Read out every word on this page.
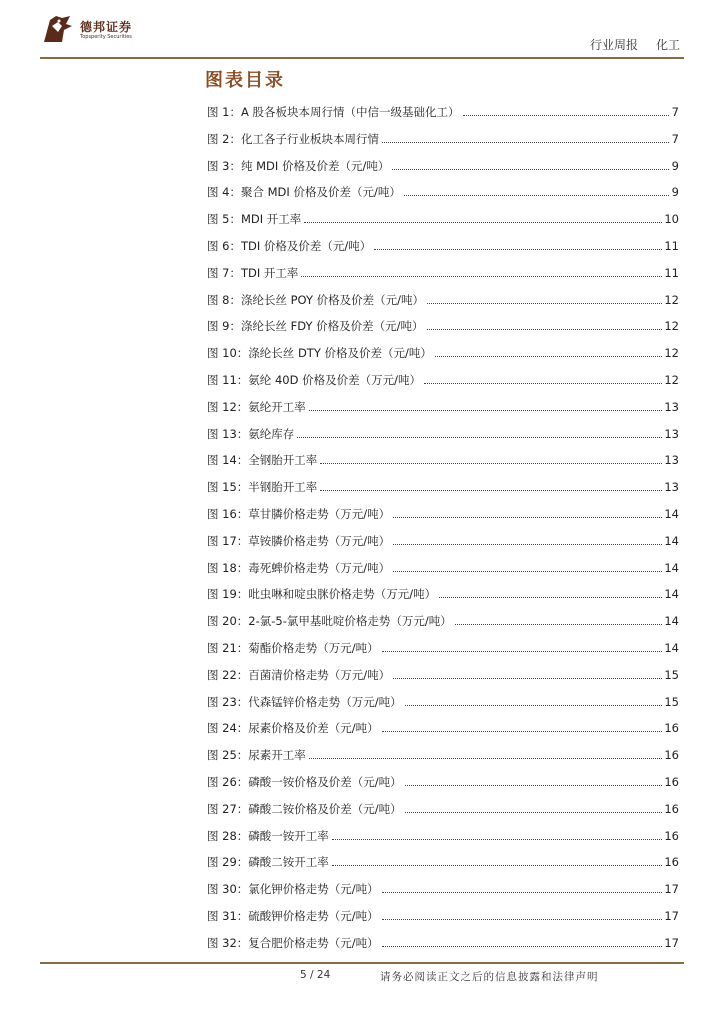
德邦证券
Topsperity Securities
行业周报 化工
图表目录
图 1：A 股各板块本周行情（中信一级基础化工）	7
图 2：化工各子行业板块本周行情	7
图 3：纯 MDI 价格及价差（元/吨）	9
图 4：聚合 MDI 价格及价差（元/吨）	9
图 5：MDI 开工率	10
图 6：TDI 价格及价差（元/吨）	11
图 7：TDI 开工率	11
图 8：涤纶长丝 POY 价格及价差（元/吨）	12
图 9：涤纶长丝 FDY 价格及价差（元/吨）	12
图 10：涤纶长丝 DTY 价格及价差（元/吨）	12
图 11：氨纶 40D 价格及价差（万元/吨）	12
图 12：氨纶开工率	13
图 13：氨纶库存	13
图 14：全钢胎开工率	13
图 15：半钢胎开工率	13
图 16：草甘膦价格走势（万元/吨）	14
图 17：草铵膦价格走势（万元/吨）	14
图 18：毒死蜱价格走势（万元/吨）	14
图 19：吡虫啉和啶虫脒价格走势（万元/吨）	14
图 20：2-氯-5-氯甲基吡啶价格走势（万元/吨）	14
图 21：菊酯价格走势（万元/吨）	14
图 22：百菌清价格走势（万元/吨）	15
图 23：代森锰锌价格走势（万元/吨）	15
图 24：尿素价格及价差（元/吨）	16
图 25：尿素开工率	16
图 26：磷酸一铵价格及价差（元/吨）	16
图 27：磷酸二铵价格及价差（元/吨）	16
图 28：磷酸一铵开工率	16
图 29：磷酸二铵开工率	16
图 30：氯化钾价格走势（元/吨）	17
图 31：硫酸钾价格走势（元/吨）	17
图 32：复合肥价格走势（元/吨）	17
5 / 24	请务必阅读正文之后的信息披露和法律声明
